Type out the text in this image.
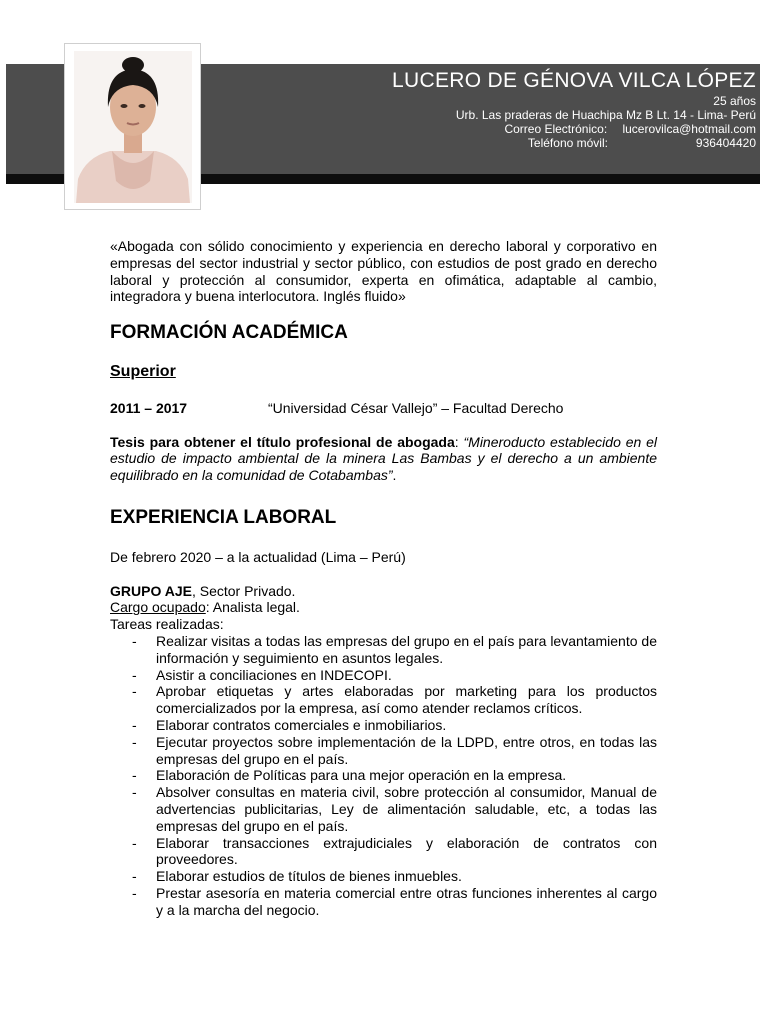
LUCERO DE GÉNOVA VILCA LÓPEZ
25 años
Urb. Las praderas de Huachipa Mz B Lt. 14 - Lima- Perú
Correo Electrónico:	lucerovilca@hotmail.com
Teléfono móvil:	936404420

«Abogada con sólido conocimiento y experiencia en derecho laboral y corporativo en empresas del sector industrial y sector público, con estudios de post grado en derecho laboral y protección al consumidor, experta en ofimática, adaptable al cambio, integradora y buena interlocutora. Inglés fluido»

FORMACIÓN ACADÉMICA
Superior
2011 – 2017	“Universidad César Vallejo” – Facultad Derecho

Tesis para obtener el título profesional de abogada: “Mineroducto establecido en el estudio de impacto ambiental de la minera Las Bambas y el derecho a un ambiente equilibrado en la comunidad de Cotabambas”.

EXPERIENCIA LABORAL

De febrero 2020 – a la actualidad (Lima – Perú)

GRUPO AJE, Sector Privado.

Cargo ocupado: Analista legal.

Tareas realizadas:

- Realizar visitas a todas las empresas del grupo en el país para levantamiento de información y seguimiento en asuntos legales.
- Asistir a conciliaciones en INDECOPI.
- Aprobar etiquetas y artes elaboradas por marketing para los productos comercializados por la empresa, así como atender reclamos críticos.
- Elaborar contratos comerciales e inmobiliarios.
- Ejecutar proyectos sobre implementación de la LDPD, entre otros, en todas las empresas del grupo en el país.
- Elaboración de Políticas para una mejor operación en la empresa.
- Absolver consultas en materia civil, sobre protección al consumidor, Manual de advertencias publicitarias, Ley de alimentación saludable, etc, a todas las empresas del grupo en el país.
- Elaborar transacciones extrajudiciales y elaboración de contratos con proveedores.
- Elaborar estudios de títulos de bienes inmuebles.
- Prestar asesoría en materia comercial entre otras funciones inherentes al cargo y a la marcha del negocio.
